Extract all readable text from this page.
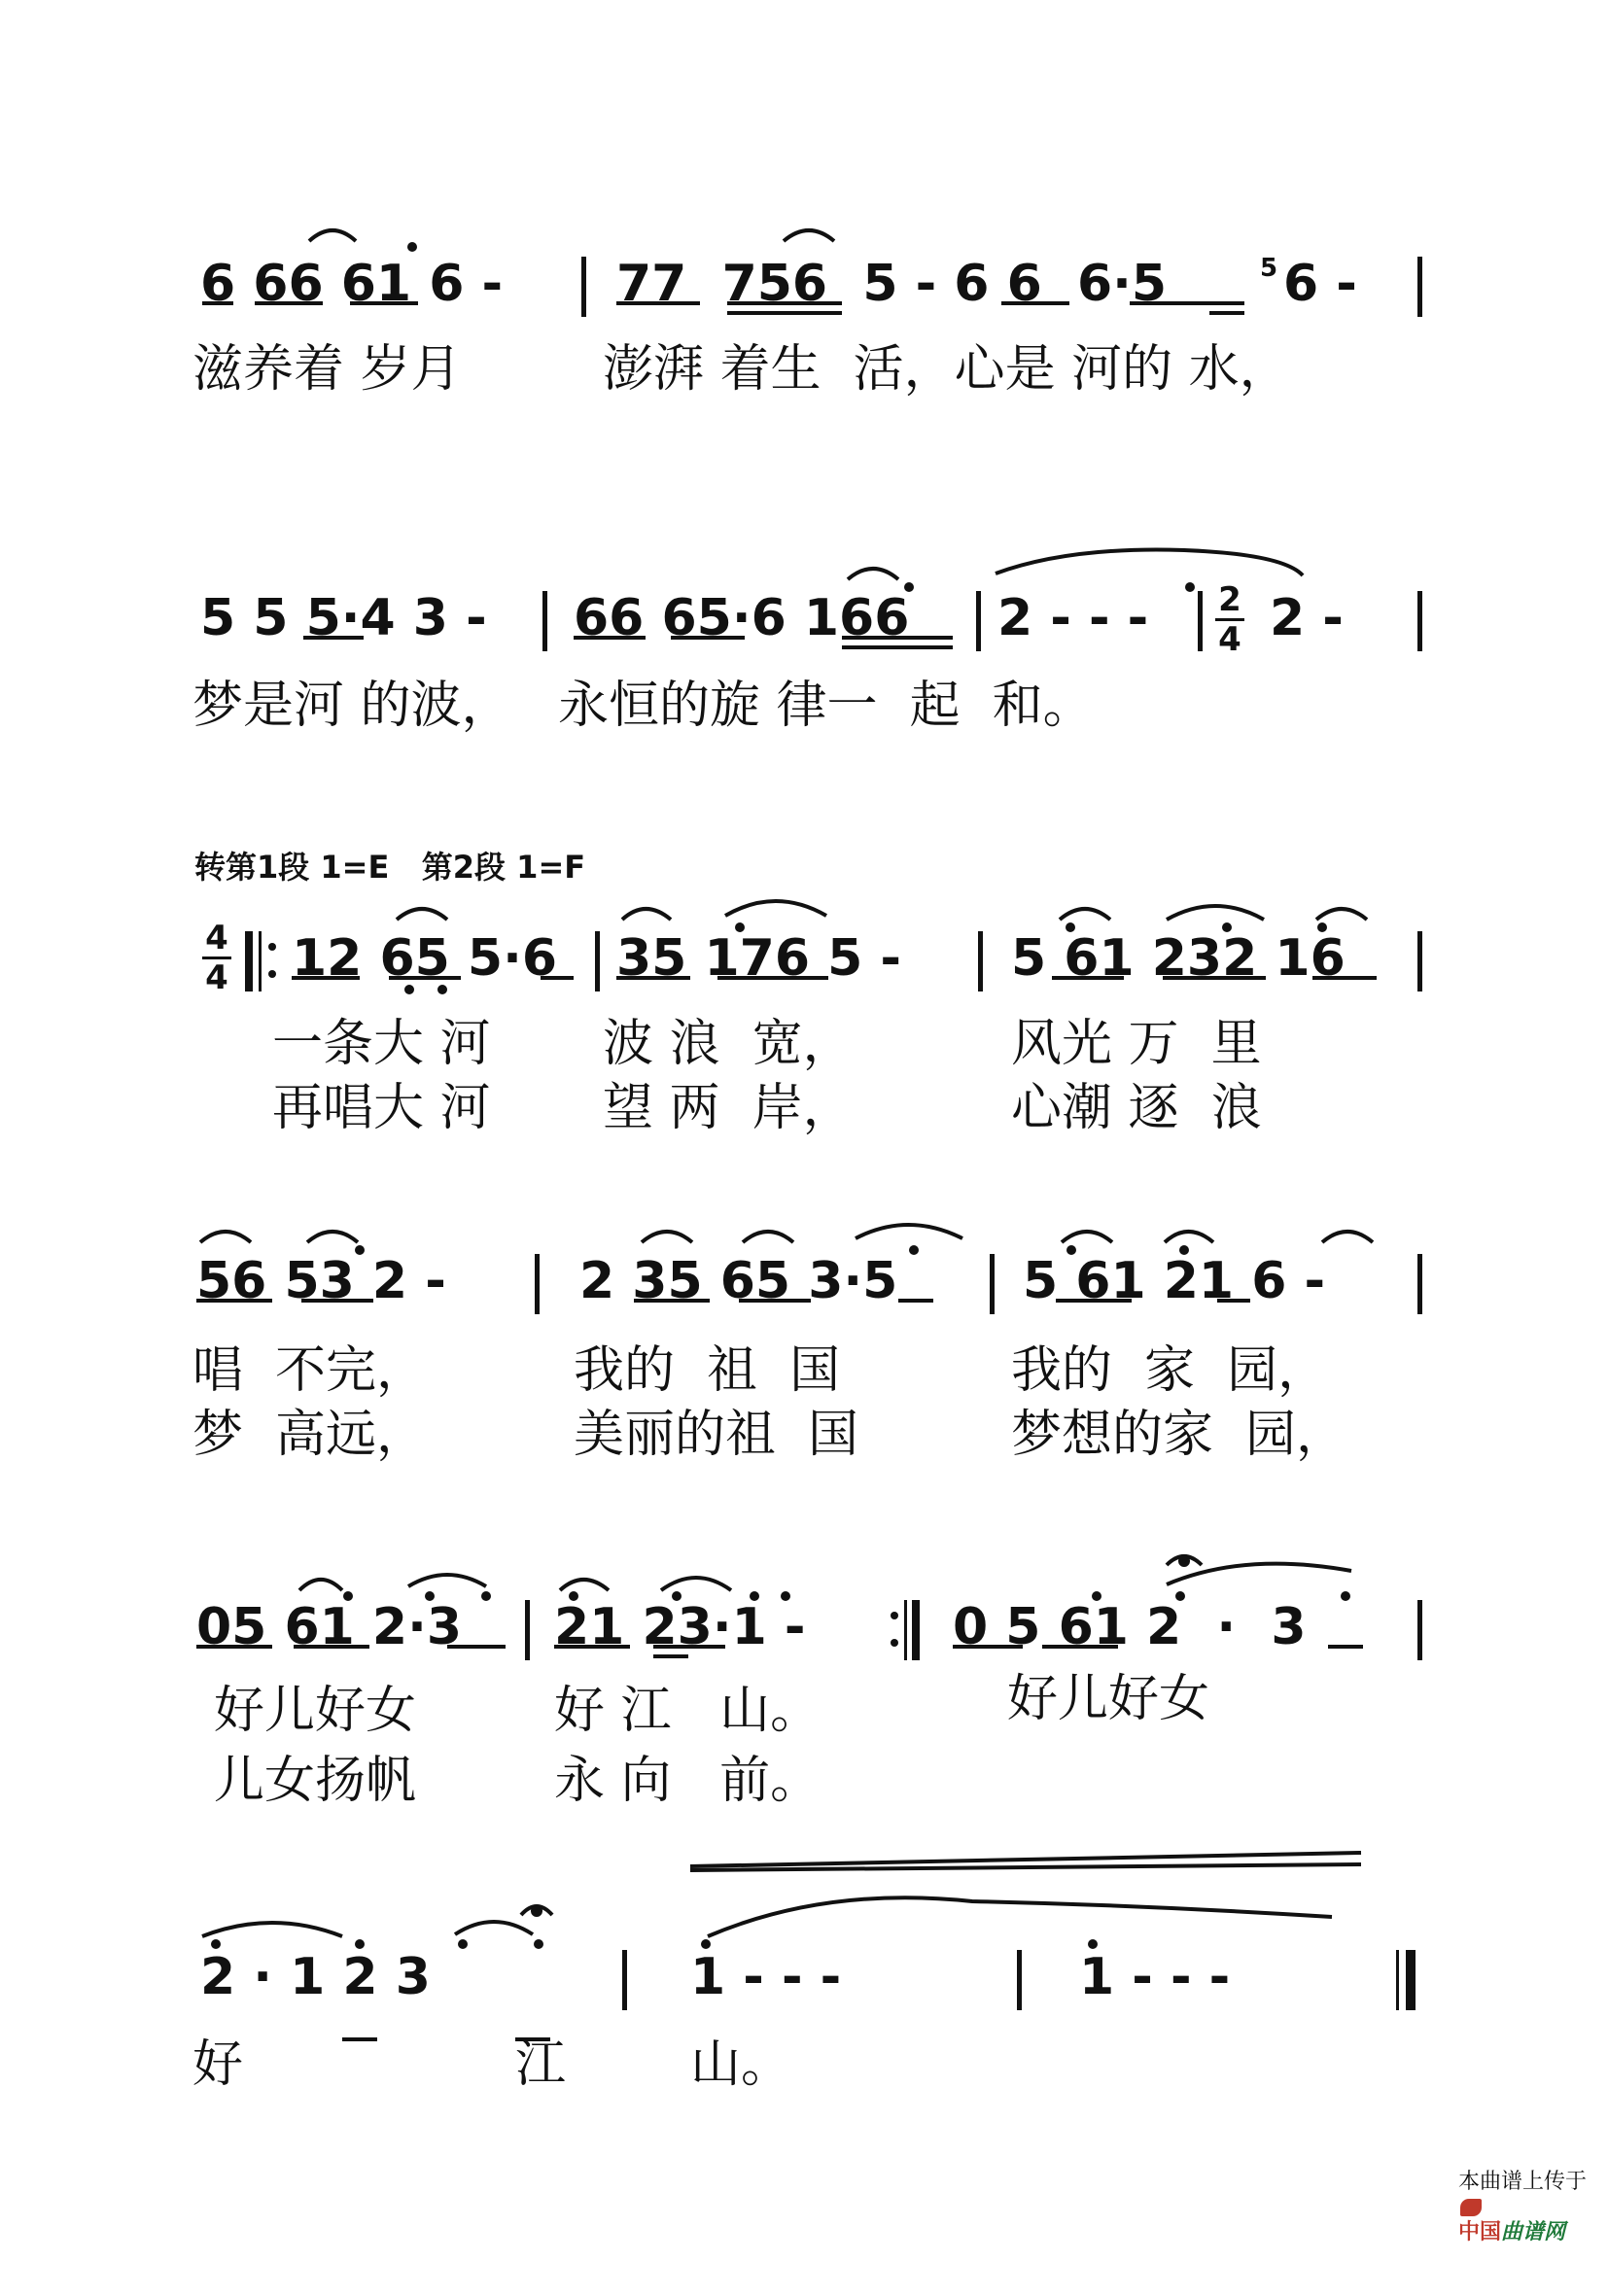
6 66 61 6 - 77  756  5 - 6 6  6·5	5 6 -
滋养着 岁月	澎湃 着生  活，心是 河的 水，
5 5 5·4 3 - 66 65·6 166 2 - - - 2
4 2 -
梦是河 的波， 永恒的旋 律一  起  和。
转第1段 1=E   第2段 1=F
4
4 12 65 5·6 35 176 5 - 5 61 232 16
一条大 河 波 浪  宽，	风光 万  里
再唱大 河 望 两  岸，	心潮 逐  浪
56 53 2 -	2 35 65 3·5 5 61 21 6 -
唱  不完，	我的  祖  国	我的  家  园，
梦  高远，	美丽的祖  国	梦想的家  园，
05 61 2·3 21 23·1 -	0 5 61 2  ·  3
好儿好女	好 江   山。	好儿好女
儿女扬帆	永 向   前。
2 · 1 2 3	1 - - -	1 - - -
好	江 山。

本曲谱上传于

中国曲谱网
